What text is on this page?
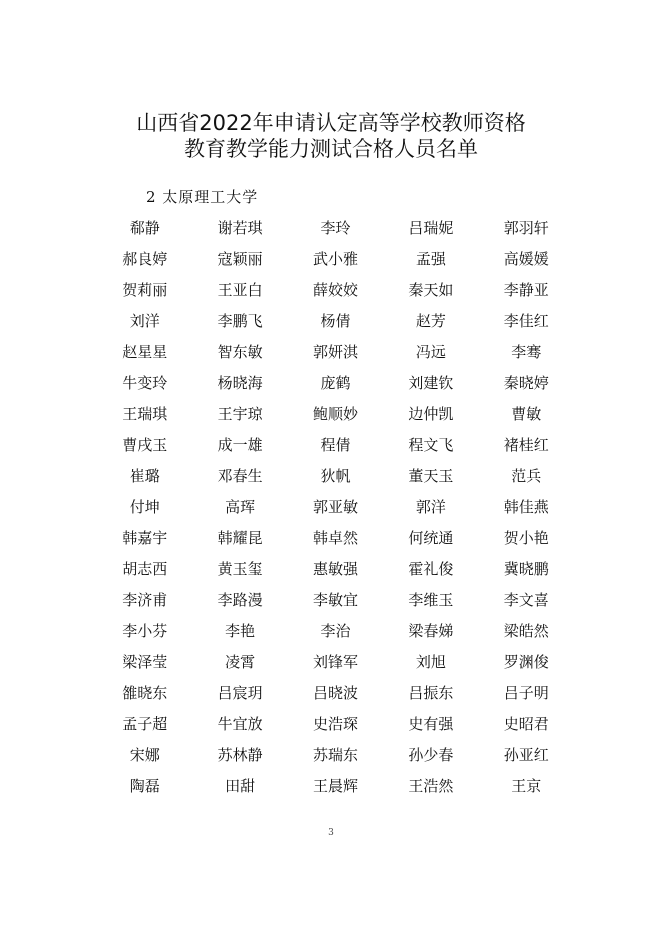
山西省2022年申请认定高等学校教师资格
教育教学能力测试合格人员名单
2 太原理工大学
郗静	谢若琪	李玲	吕瑞妮	郭羽轩
郝良婷	寇颖丽	武小雅	孟强	高媛媛
贺莉丽	王亚白	薛姣姣	秦天如	李静亚
刘洋	李鹏飞	杨倩	赵芳	李佳红
赵星星	智东敏	郭妍淇	冯远	李骞
牛变玲	杨晓海	庞鹤	刘建钦	秦晓婷
王瑞琪	王宇琼	鲍顺妙	边仲凯	曹敏
曹戌玉	成一雄	程倩	程文飞	褚桂红
崔璐	邓春生	狄帆	董天玉	范兵
付坤	高珲	郭亚敏	郭洋	韩佳燕
韩嘉宇	韩耀昆	韩卓然	何统通	贺小艳
胡志西	黄玉玺	惠敏强	霍礼俊	冀晓鹏
李济甫	李路漫	李敏宜	李维玉	李文喜
李小芬	李艳	李治	梁春娣	梁皓然
梁泽莹	凌霄	刘锋军	刘旭	罗渊俊
雒晓东	吕宸玥	吕晓波	吕振东	吕子明
孟子超	牛宜放	史浩琛	史有强	史昭君
宋娜	苏林静	苏瑞东	孙少春	孙亚红
陶磊	田甜	王晨辉	王浩然	王京
3
